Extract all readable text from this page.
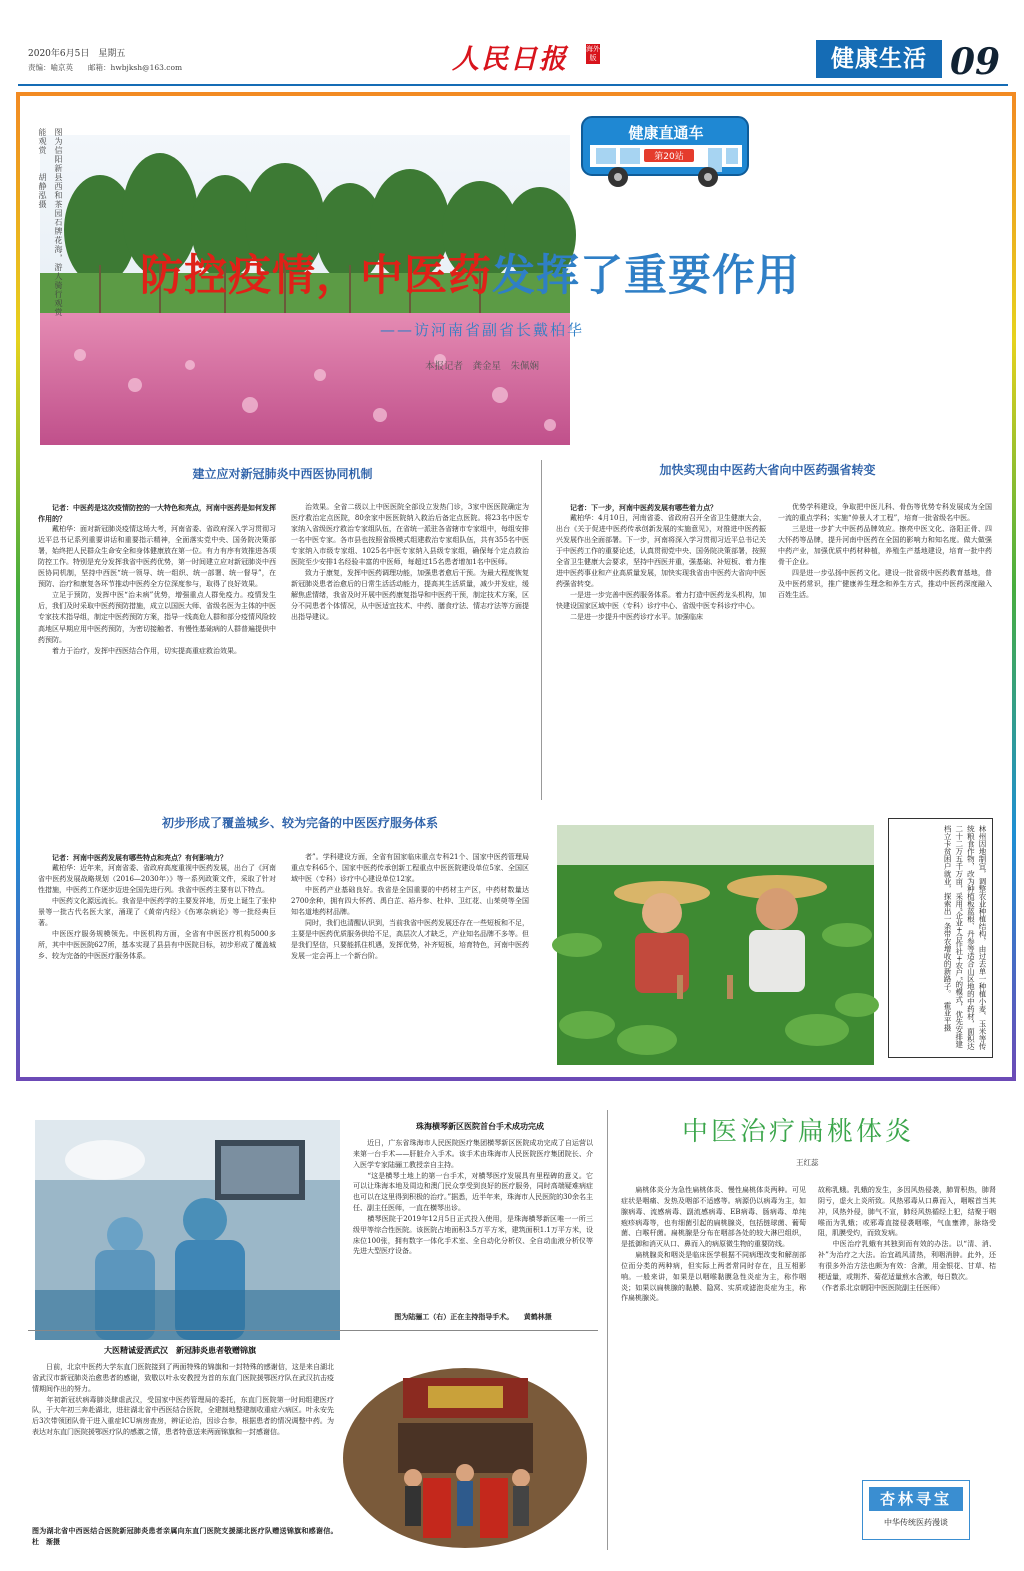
2020年6月5日　星期五
责编：喻京英　　邮箱：hwbjksh@163.com	人民日报	海外版	健康生活 09
能观赏　　胡静泓摄 图为信阳新县西和茶园石牌花海，游人骑行观赏 防控疫情，中医药发挥了重要作用
——访河南省副省长戴柏华
本报记者　龚金星　朱佩娴
健康直通车
第20站
建立应对新冠肺炎中西医协同机制	加快实现由中医药大省向中医药强省转变

记者：中医药是这次疫情防控的一大特色和亮点，河南中医药是如何发挥作用的？

戴柏华：面对新冠肺炎疫情这场大考，河南省委、省政府深入学习贯彻习近平总书记系列重要讲话和重要指示精神，全面落实党中央、国务院决策部署，始终把人民群众生命安全和身体健康放在第一位。有力有序有效推进各项防控工作。特别是充分发挥我省中医药优势，第一时间建立应对新冠肺炎中西医协同机制，坚持中西医“统一领导、统一组织、统一部署、统一督导”，在预防、治疗和康复各环节推动中医药全方位深度参与，取得了良好效果。

立足于预防，发挥中医“治未病”优势，增强重点人群免疫力。疫情发生后，我们及时采取中医药预防措施，成立以国医大师、省级名医为主体的中医专家技术指导组，制定中医药预防方案，指导一线高危人群和部分疫情风险较高地区早期应用中医药预防，为密切接触者、有慢性基础病的人群普遍提供中药预防。

着力于治疗，发挥中西医结合作用，切实提高重症救治效果。

治效果。全省二级以上中医医院全部设立发热门诊，3家中医医院确定为医疗救治定点医院，80余家中医医院纳入救治后备定点医院。将23名中医专家纳入省级医疗救治专家组队伍，在省统一派驻各省辖市专家组中，每组安排一名中医专家。各市县也按照省级模式组建救治专家组队伍，共有355名中医专家纳入市级专家组、1025名中医专家纳入县级专家组，确保每个定点救治医院至少安排1名经验丰富的中医师，每超过15名患者增加1名中医师。

致力于康复，发挥中医药调理功能，加强患者愈后干预。为最大程度恢复新冠肺炎患者治愈后的日常生活活动能力，提高其生活质量，减少并发症，缓解焦虑情绪，我省及时开展中医药康复指导和中医药干预，制定技术方案，区分不同患者个体情况，从中医适宜技术、中药、膳食疗法、情志疗法等方面提出指导建议。

记者：下一步，河南中医药发展有哪些着力点？

戴柏华：4月10日，河南省委、省政府召开全省卫生健康大会，出台《关于促进中医药传承创新发展的实施意见》，对推进中医药振兴发展作出全面部署。下一步，河南将深入学习贯彻习近平总书记关于中医药工作的重要论述，认真贯彻党中央、国务院决策部署，按照全省卫生健康大会要求，坚持中西医并重，强基础、补短板、着力推进中医药事业和产业高质量发展，加快实现我省由中医药大省向中医药强省转变。

一是进一步完善中医药服务体系。着力打造中医药龙头机构，加快建设国家区域中医（专科）诊疗中心、省级中医专科诊疗中心。

二是进一步提升中医药诊疗水平。加强临床

优势学科建设，争取把中医儿科、骨伤等优势专科发展成为全国一流的重点学科；实施“仲景人才工程”，培育一批省级名中医。

三是进一步扩大中医药品牌效应。擦亮中医文化、洛阳正骨、四大怀药等品牌，提升河南中医药在全国的影响力和知名度。做大做强中药产业，加强优质中药材种植，养殖生产基地建设，培育一批中药骨干企业。

四是进一步弘扬中医药文化。建设一批省级中医药教育基地，普及中医药常识，推广健康养生理念和养生方式，推动中医药深度融入百姓生活。

初步形成了覆盖城乡、较为完备的中医医疗服务体系

记者：河南中医药发展有哪些特点和亮点？有何影响力？

戴柏华：近年来，河南省委、省政府高度重视中医药发展，出台了《河南省中医药发展战略规划（2016—2030年）》等一系列政策文件，采取了针对性措施，中医药工作逐步迈进全国先进行列。我省中医药主要有以下特点。

中医药文化源远流长。我省是中医药学的主要发祥地，历史上诞生了张仲景等一批古代名医大家，涌现了《黄帝内经》《伤寒杂病论》等一批经典巨著。

中医医疗服务规模领先。中医机构方面，全省有中医医疗机构5000多所，其中中医医院627所，基本实现了县县有中医院目标，初步形成了覆盖城乡、较为完备的中医医疗服务体系。

者”。学科建设方面，全省有国家临床重点专科21个、国家中医药管理局重点专科65个、国家中医药传承创新工程重点中医医院建设单位5家、全国区域中医（专科）诊疗中心建设单位12家。

中医药产业基础良好。我省是全国重要的中药材主产区，中药材数量达2700余种，拥有四大怀药、禹白芷、裕丹参、杜仲、卫红花、山茱萸等全国知名道地药材品牌。

同时，我们也清醒认识到，当前我省中医药发展还存在一些短板和不足，主要是中医药优质服务供给不足，高层次人才缺乏，产业知名品牌不多等。但是我们坚信，只要能抓住机遇，发挥优势，补齐短板，培育特色，河南中医药发展一定会再上一个新台阶。	林州因地制宜，调整农业种植结构，由过去单一种植小麦、玉米等传统粮食作物，改为种植板蓝根、丹参等适合山区地的中药材，面积达二十二万五千万亩，采用“企业+合作社+农户”的模式，优先安排建档立卡贫困户就业，探索出一条带农增收的新路子。　霍亚平摄
珠海横琴新区医院首台手术成功完成
　　近日，广东省珠海市人民医院医疗集团横琴新区医院成功完成了自运营以来第一台手术——肝脏介入手术。该手术由珠海市人民医院医疗集团院长、介入医学专家陆骊工教授亲自主持。
　　“这是横琴土地上的第一台手术，对横琴医疗发展具有里程碑的意义。它可以让珠海本地及周边和澳门民众享受到良好的医疗服务，同时高端疑难病症也可以在这里得到积极的治疗。”据悉，近半年来，珠海市人民医院的30余名主任、副主任医师，一直在横琴出诊。
　　横琴医院于2019年12月5日正式投入使用，是珠海横琴新区唯一一所三级甲等综合性医院。该医院占地面积3.5万平方米，建筑面积1.1万平方米，设床位100张，拥有数字一体化手术室、全自动化分析仪、全自动血液分析仪等先进大型医疗设备。
图为陆骊工（右）正在主持指导手术。　　黄鹤林摄
大医精诚爱洒武汉　新冠肺炎患者敬赠锦旗
　　日前，北京中医药大学东直门医院接到了两面特殊的锦旗和一封特殊的感谢信，这是来自湖北省武汉市新冠肺炎治愈患者的感谢，致敬以叶永安教授为首的东直门医院援鄂医疗队在武汉抗击疫情期间作出的努力。
　　年初新冠状病毒肺炎肆虐武汉，受国家中医药管理局的委托，东直门医院第一时间组建医疗队，于大年初三奔赴湖北，进驻湖北省中西医结合医院，全建制地整建制收重症六病区。叶永安先后3次带领团队骨干进入重症ICU病房查房，辨证论治，因诊合参，根据患者的情况调整中药。为表达对东直门医院援鄂医疗队的感激之情，患者特意送来两面锦旗和一封感谢信。
图为湖北省中西医结合医院新冠肺炎患者亲属向东直门医院支援湖北医疗队赠送锦旗和感谢信。　　杜　渐摄
中医治疗扁桃体炎
王红蕊
　　扁桃体炎分为急性扁桃体炎、慢性扁桃体炎两种。可见症状是咽痛、发热及咽部不适感等。病源仍以病毒为主，如腺病毒、流感病毒、副流感病毒、EB病毒、肠病毒、单纯疱疹病毒等，也有细菌引起的扁桃腺炎，包括链球菌、葡萄菌、白喉杆菌。扁桃腺是分布在咽部各处的较大淋巴组织，是抵御和消灭从口、鼻而入的病原微生物的重要防线。
　　扁桃腺炎和咽炎是临床医学根据不同病理改变和解剖部位而分类的两种病，但实际上两者常同时存在，且互相影响。一般来讲，如果是以咽喉黏膜急性炎症为主，称作咽炎；如果以扁桃腺的黏膜、隐窝、实质或滤泡炎症为主，称作扁桃腺炎。
故称乳蛾。乳蛾的发生，多因风热侵袭，肺胃积热，肺肾阴亏，虚火上炎所致。风热邪毒从口鼻而入，咽喉首当其冲，风热外侵，肺气不宣，肺经风热循经上犯，结聚于咽喉而为乳蛾；或邪毒直接侵袭咽喉，气血壅滞，脉络受阻，肌膜受灼，而致发病。
　　中医治疗乳蛾有其独到而有效的办法。以“清、消、补”为治疗之大法。治宜疏风清热，利咽消肿。此外，还有很多外治方法也颇为有效：含漱，用金银花、甘草、桔梗适量，或荆芥、菊花适量煎水含漱，每日数次。
（作者系北京朝阳中医医院副主任医师）
杏林寻宝
中华传统医药漫谈
